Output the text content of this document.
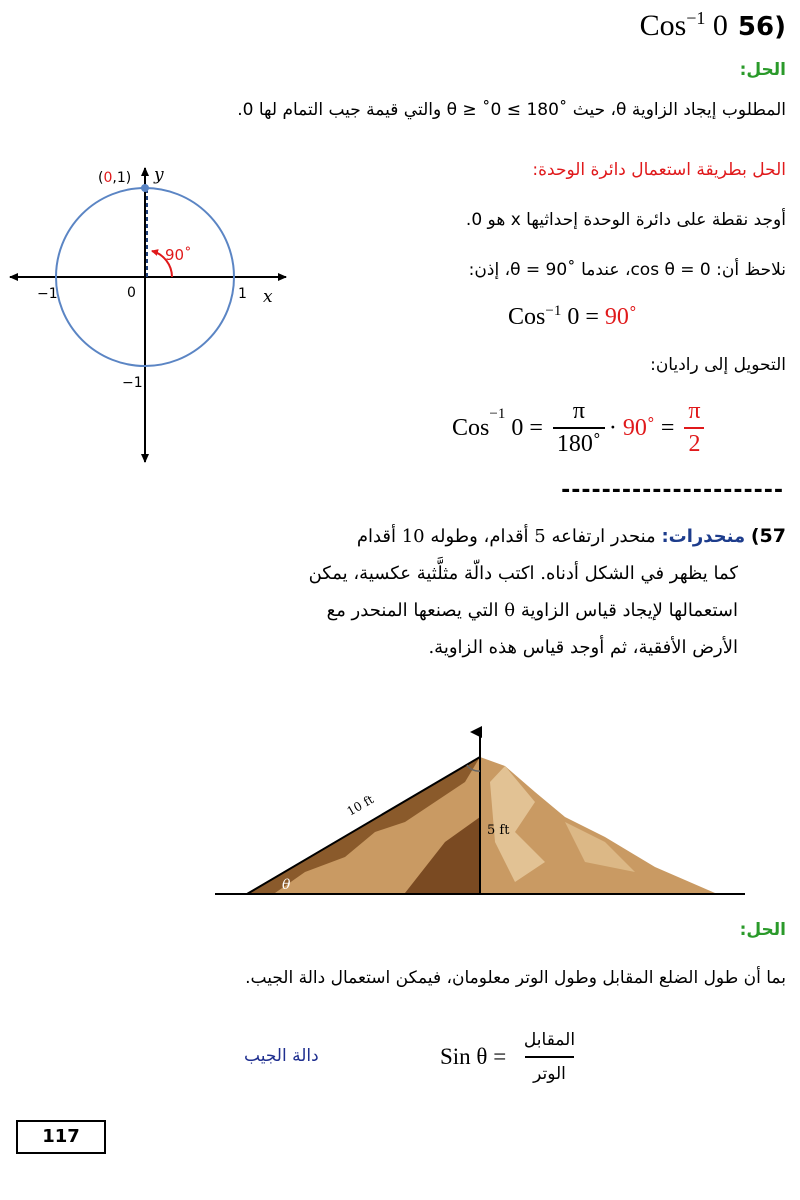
Cos$^{-1}$ 0 56)
الحل:
المطلوب إيجاد الزاوية θ، حيث ˚180 ≥ θ ≥ ˚0 والتي قيمة جيب التمام لها 0.
الحل بطريقة استعمال دائرة الوحدة:
أوجد نقطة على دائرة الوحدة إحداثيها x هو 0.
نلاحظ أن: cos θ = 0، عندما ˚θ = 90، إذن:
Cos$^{-1}$ 0 = 90˚
التحويل إلى راديان:
Cos
$^{-1}$
$0 = \frac{\pi}{180˚}$ · 90˚ = $\frac{\pi}{2}$
----------------------
(0,1)
90˚
y
x
0
−1	1
−1
57) منحدرات: منحدر ارتفاعه 5 أقدام، وطوله 10 أقدام
كما يظهر في الشكل أدناه. اكتب دالّة مثلَّثية عكسية، يمكن
استعمالها لإيجاد قياس الزاوية θ التي يصنعها المنحدر مع
الأرض الأفقية، ثم أوجد قياس هذه الزاوية.
10 ft
5 ft
θ
الحل:
بما أن طول الضلع المقابل وطول الوتر معلومان، فيمكن استعمال دالة الجيب.
Sin $\theta = \frac{\text{المقابل}}{\text{الوتر}}$
دالة الجيب
117
